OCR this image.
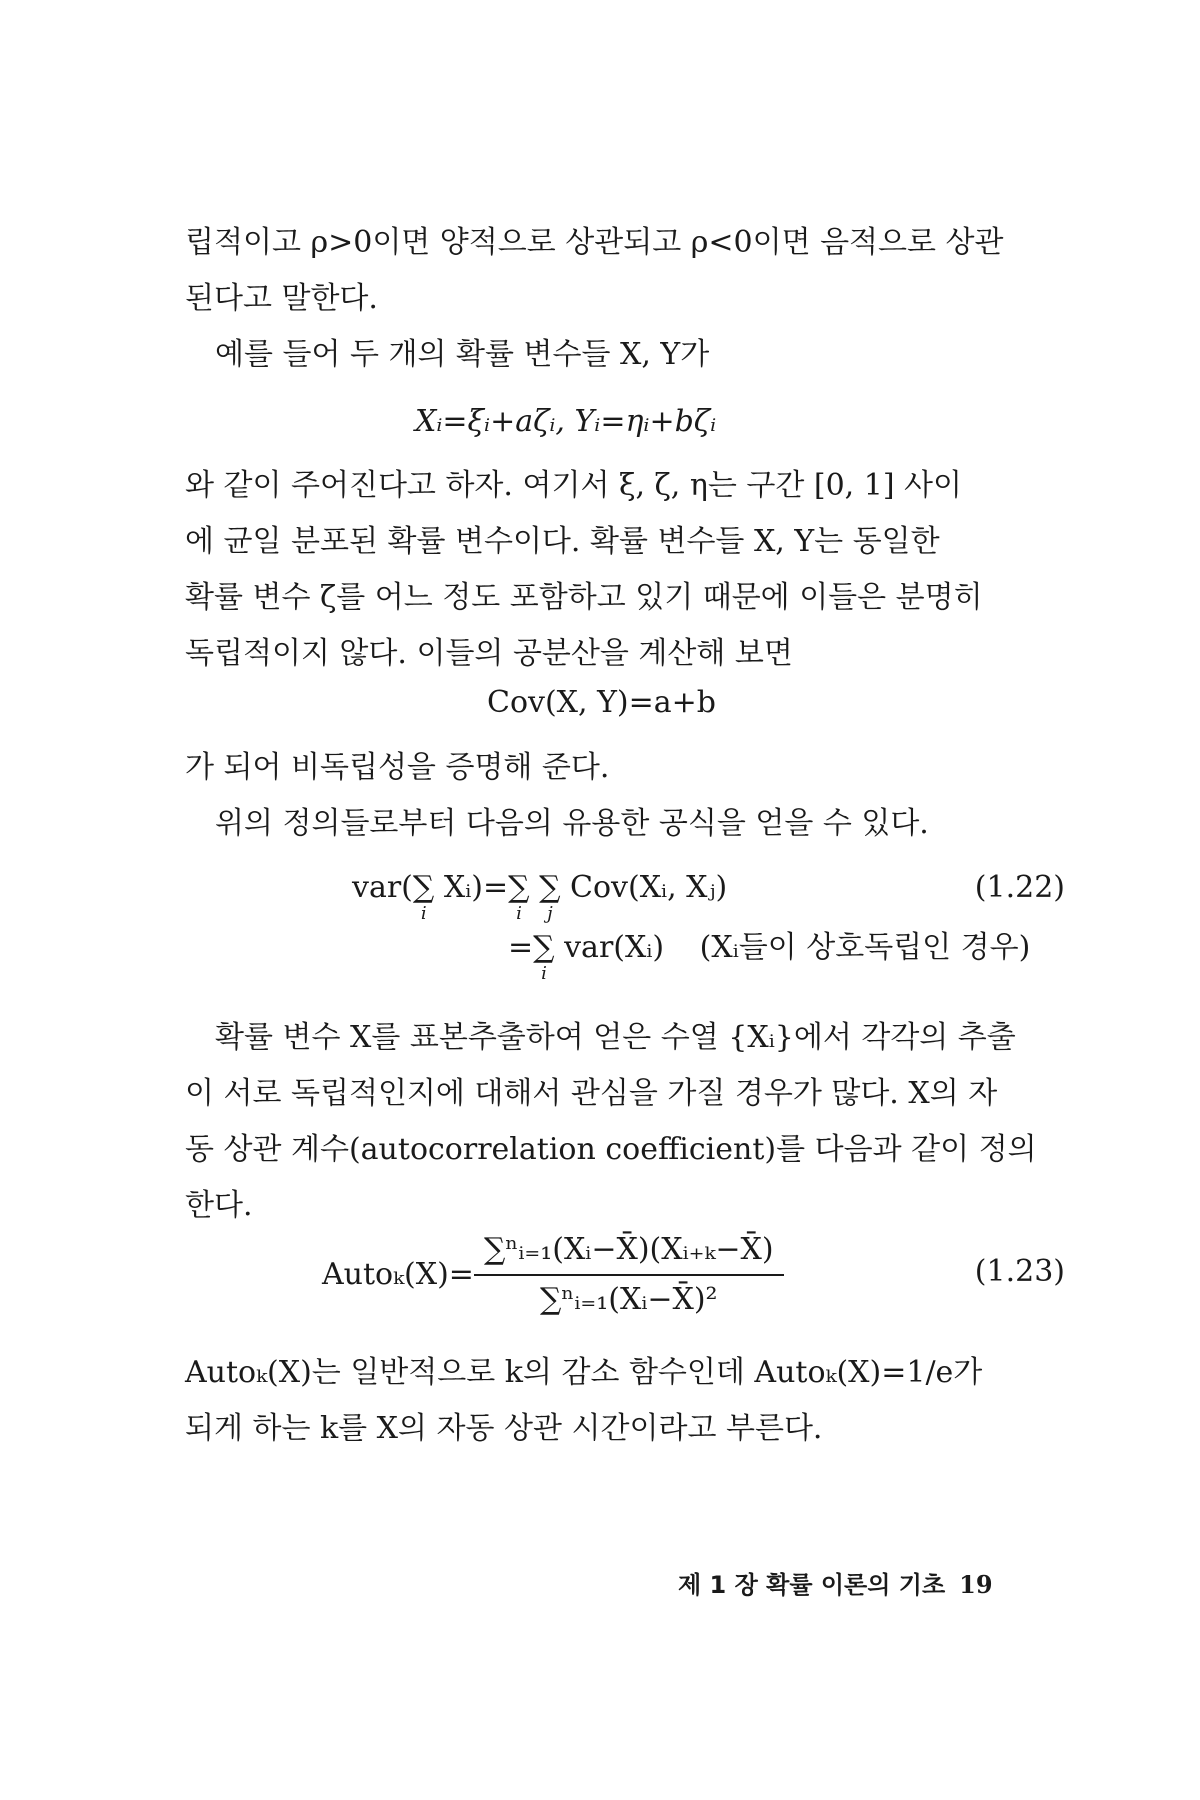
립적이고 ρ>0이면 양적으로 상관되고 ρ<0이면 음적으로 상관
된다고 말한다.

예를 들어 두 개의 확률 변수들 X, Y가

Xᵢ=ξᵢ+aζᵢ, Yᵢ=ηᵢ+bζᵢ

와 같이 주어진다고 하자. 여기서 ξ, ζ, η는 구간 [0, 1] 사이
에 균일 분포된 확률 변수이다. 확률 변수들 X, Y는 동일한
확률 변수 ζ를 어느 정도 포함하고 있기 때문에 이들은 분명히
독립적이지 않다. 이들의 공분산을 계산해 보면

Cov(X, Y)=a+b

가 되어 비독립성을 증명해 준다.

위의 정의들로부터 다음의 유용한 공식을 얻을 수 있다.

var(∑
i
Xᵢ)=∑
i
∑
j
Cov(Xᵢ, Xⱼ)	(1.22)
=∑
i
var(Xᵢ) (Xᵢ들이 상호독립인 경우)

확률 변수 X를 표본추출하여 얻은 수열 {Xᵢ}에서 각각의 추출
이 서로 독립적인지에 대해서 관심을 가질 경우가 많다. X의 자
동 상관 계수(autocorrelation coefficient)를 다음과 같이 정의
한다.

Autoₖ(X)= $\frac{\text{∑ⁿᵢ₌₁(Xᵢ−X̄)(Xᵢ₊ₖ−X̄)}}{\text{∑ⁿᵢ₌₁(Xᵢ−X̄)²}}$	(1.23)

Autoₖ(X)는 일반적으로 k의 감소 함수인데 Autoₖ(X)=1/e가
되게 하는 k를 X의 자동 상관 시간이라고 부른다.

제 1 장 확률 이론의 기초 19
